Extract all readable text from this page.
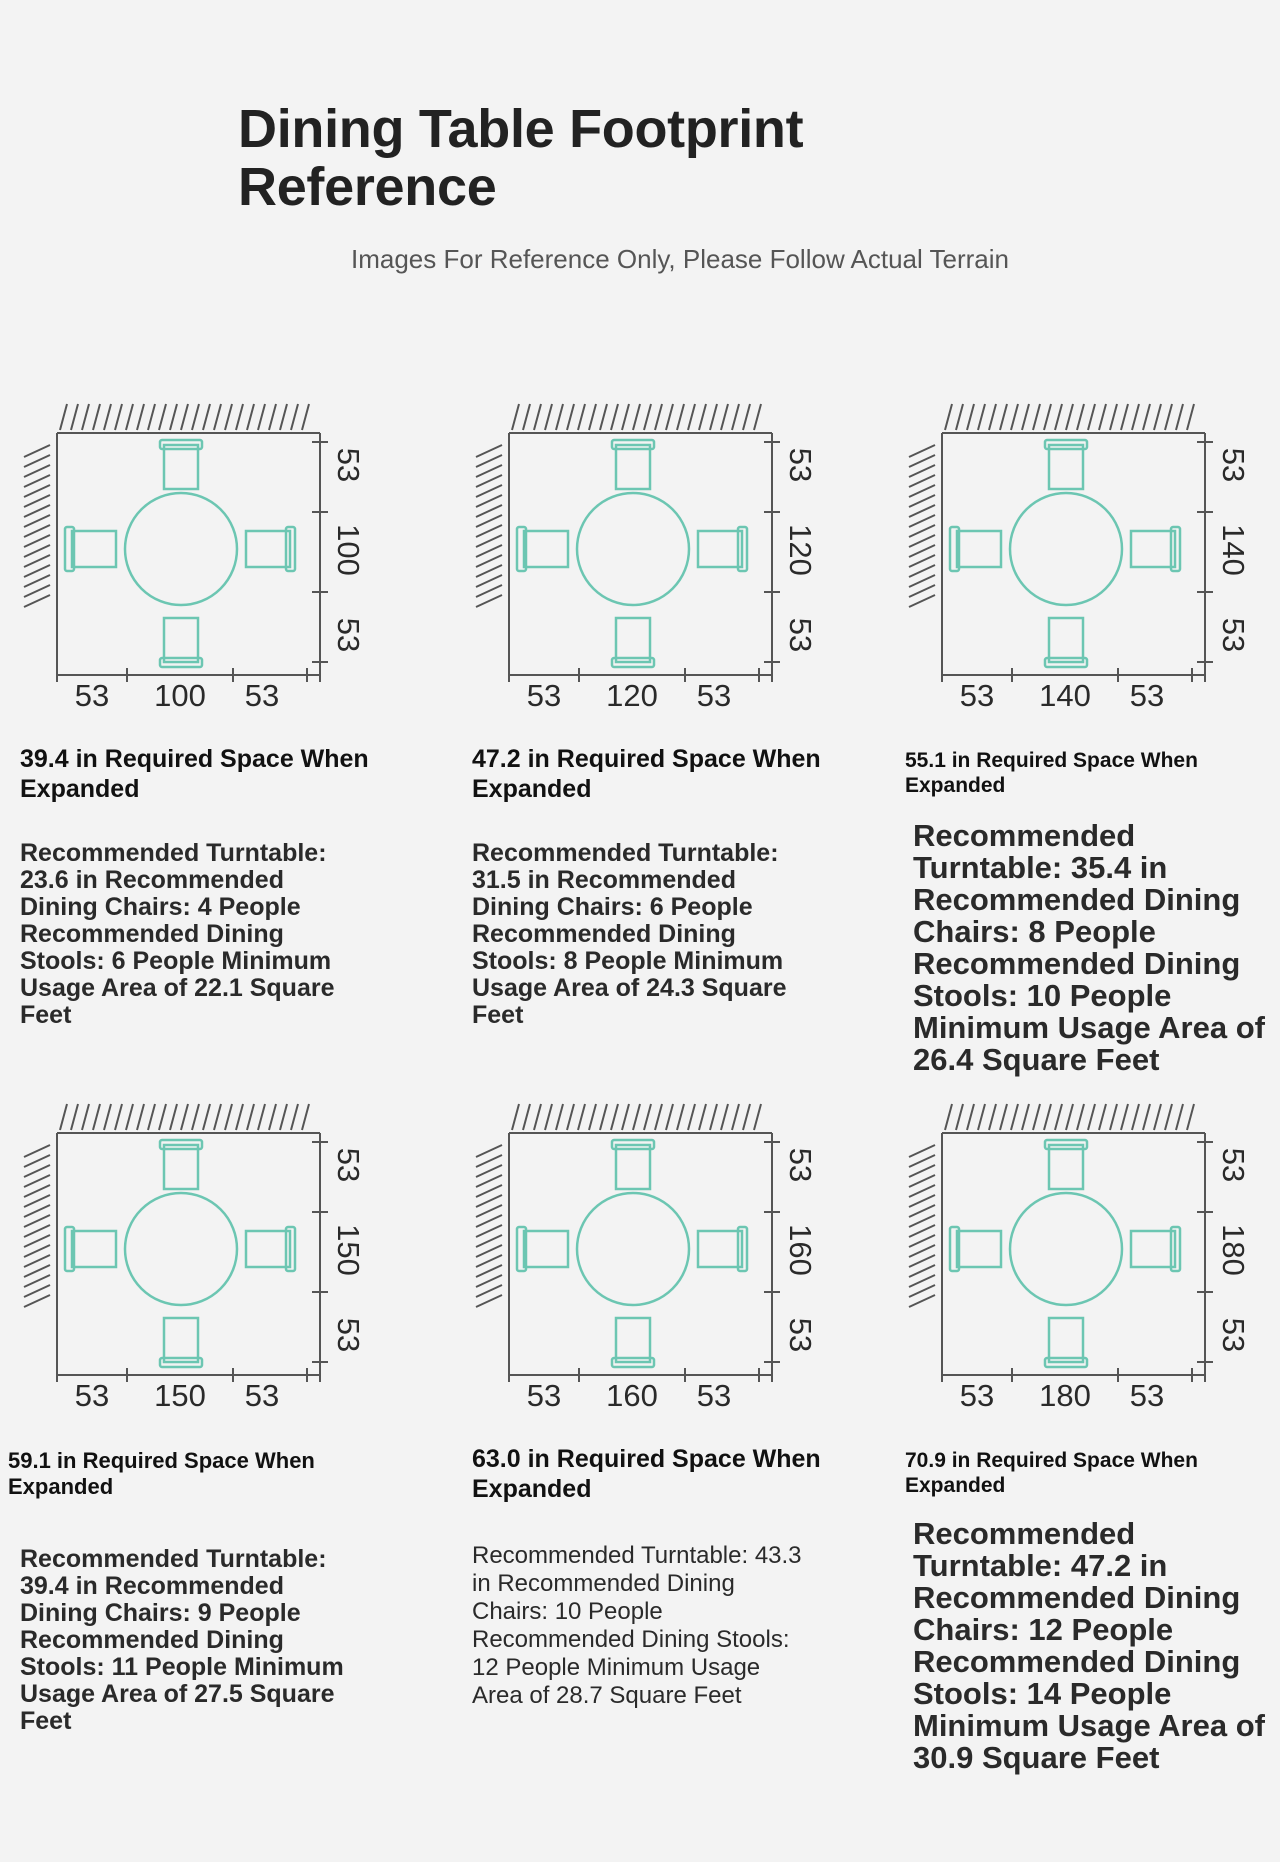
Dining Table Footprint Reference
Images For Reference Only, Please Follow Actual Terrain
53 100 53
53
100
53
39.4 in Required Space When Expanded
Recommended Turntable: 23.6 in Recommended Dining Chairs: 4 People Recommended Dining Stools: 6 People Minimum Usage Area of 22.1 Square Feet
53 120 53
53
120
53
47.2 in Required Space When Expanded
Recommended Turntable: 31.5 in Recommended Dining Chairs: 6 People Recommended Dining Stools: 8 People Minimum Usage Area of 24.3 Square Feet
53 140 53
53
140
53
55.1 in Required Space When Expanded
Recommended Turntable: 35.4 in Recommended Dining Chairs: 8 People Recommended Dining Stools: 10 People Minimum Usage Area of 26.4 Square Feet
53 150 53
53
150
53
59.1 in Required Space When Expanded
Recommended Turntable: 39.4 in Recommended Dining Chairs: 9 People Recommended Dining Stools: 11 People Minimum Usage Area of 27.5 Square Feet
53 160 53
53
160
53
63.0 in Required Space When Expanded
Recommended Turntable: 43.3 in Recommended Dining Chairs: 10 People Recommended Dining Stools: 12 People Minimum Usage Area of 28.7 Square Feet
53 180 53
53
180
53
70.9 in Required Space When Expanded
Recommended Turntable: 47.2 in Recommended Dining Chairs: 12 People Recommended Dining Stools: 14 People Minimum Usage Area of 30.9 Square Feet
